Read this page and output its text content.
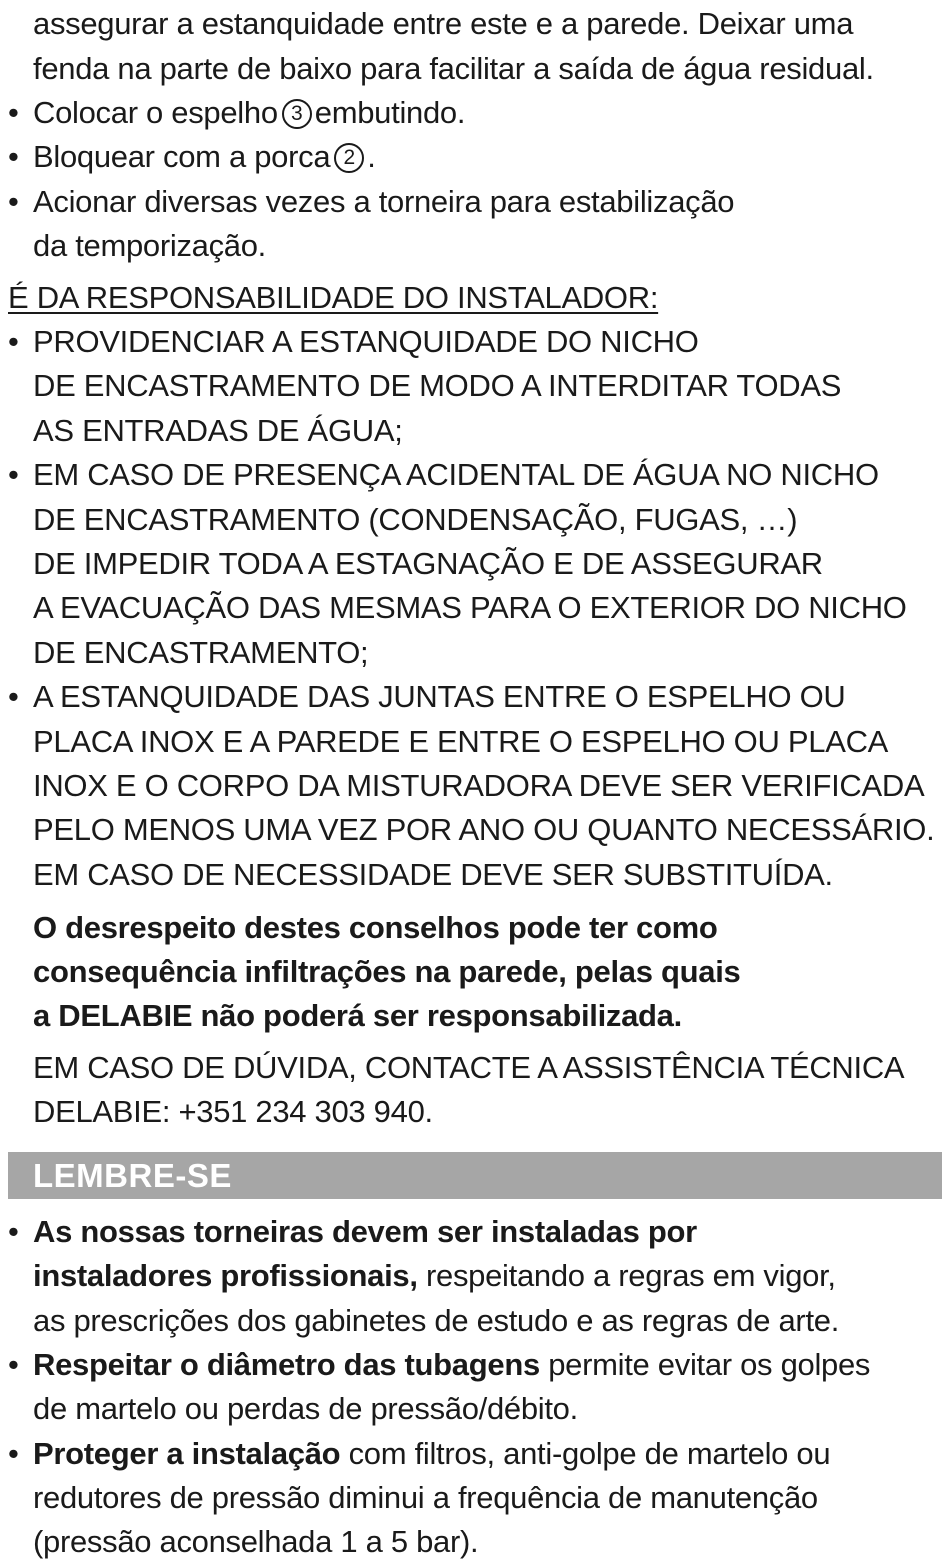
assegurar a estanquidade entre este e a parede. Deixar uma
fenda na parte de baixo para facilitar a saída de água residual.
• Colocar o espelho 3 embutindo.
• Bloquear com a porca 2 .
• Acionar diversas vezes a torneira para estabilização
da temporização.
É DA RESPONSABILIDADE DO INSTALADOR:
• PROVIDENCIAR A ESTANQUIDADE DO NICHO
DE ENCASTRAMENTO DE MODO A INTERDITAR TODAS
AS ENTRADAS DE ÁGUA;
• EM CASO DE PRESENÇA ACIDENTAL DE ÁGUA NO NICHO
DE ENCASTRAMENTO (CONDENSAÇÃO, FUGAS, …)
DE IMPEDIR TODA A ESTAGNAÇÃO E DE ASSEGURAR
A EVACUAÇÃO DAS MESMAS PARA O EXTERIOR DO NICHO
DE ENCASTRAMENTO;
• A ESTANQUIDADE DAS JUNTAS ENTRE O ESPELHO OU
PLACA INOX E A PAREDE E ENTRE O ESPELHO OU PLACA
INOX E O CORPO DA MISTURADORA DEVE SER VERIFICADA
PELO MENOS UMA VEZ POR ANO OU QUANTO NECESSÁRIO.
EM CASO DE NECESSIDADE DEVE SER SUBSTITUÍDA.
O desrespeito destes conselhos pode ter como
consequência infiltrações na parede, pelas quais
a DELABIE não poderá ser responsabilizada.
EM CASO DE DÚVIDA, CONTACTE A ASSISTÊNCIA TÉCNICA
DELABIE: +351 234 303 940.
LEMBRE-SE
• As nossas torneiras devem ser instaladas por
instaladores profissionais, respeitando a regras em vigor,
as prescrições dos gabinetes de estudo e as regras de arte.
• Respeitar o diâmetro das tubagens permite evitar os golpes
de martelo ou perdas de pressão/débito.
• Proteger a instalação com filtros, anti-golpe de martelo ou
redutores de pressão diminui a frequência de manutenção
(pressão aconselhada 1 a 5 bar).
